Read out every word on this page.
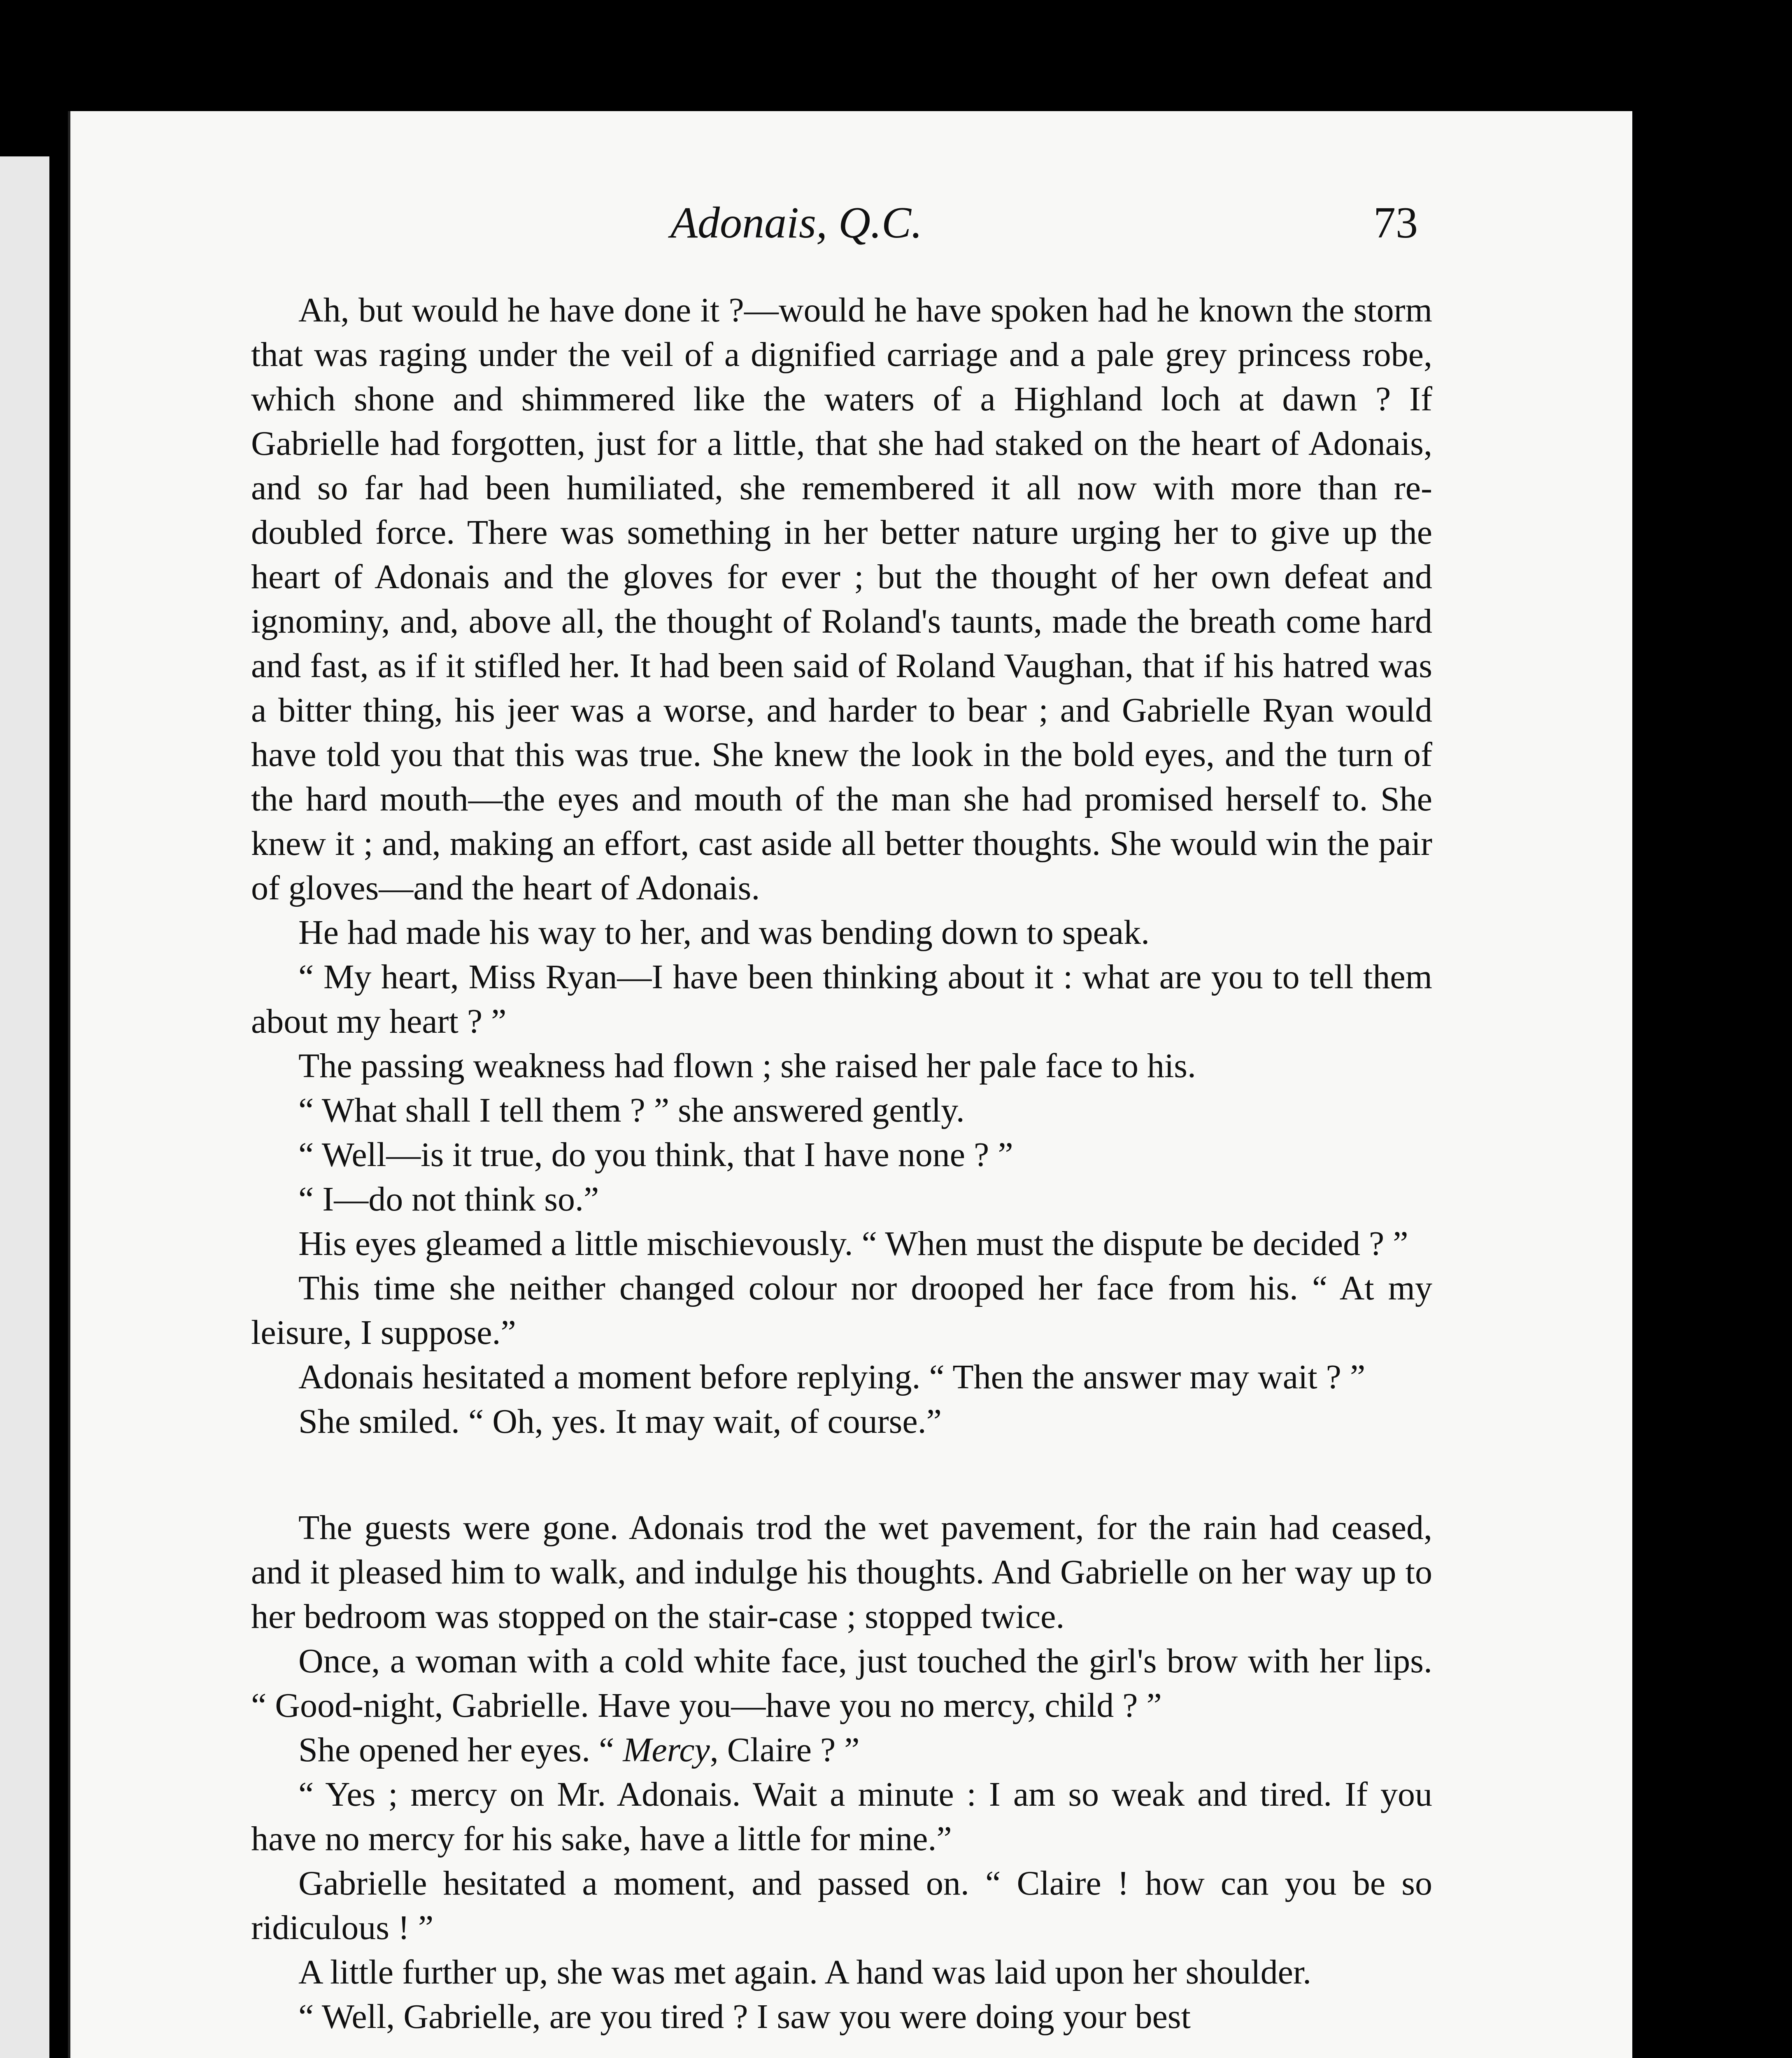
Adonais, Q.C.	73

Ah, but would he have done it ?—would he have spoken had he known the storm that was raging under the veil of a dignified carriage and a pale grey princess robe, which shone and shimmered like the waters of a Highland loch at dawn ? If Gabrielle had forgotten, just for a little, that she had staked on the heart of Adonais, and so far had been humiliated, she remembered it all now with more than re-doubled force. There was something in her better nature urging her to give up the heart of Adonais and the gloves for ever ; but the thought of her own defeat and ignominy, and, above all, the thought of Roland's taunts, made the breath come hard and fast, as if it stifled her. It had been said of Roland Vaughan, that if his hatred was a bitter thing, his jeer was a worse, and harder to bear ; and Gabrielle Ryan would have told you that this was true. She knew the look in the bold eyes, and the turn of the hard mouth—the eyes and mouth of the man she had promised herself to. She knew it ; and, making an effort, cast aside all better thoughts. She would win the pair of gloves—and the heart of Adonais.

He had made his way to her, and was bending down to speak.

“ My heart, Miss Ryan—I have been thinking about it : what are you to tell them about my heart ? ”

The passing weakness had flown ; she raised her pale face to his.

“ What shall I tell them ? ” she answered gently.

“ Well—is it true, do you think, that I have none ? ”

“ I—do not think so.”

His eyes gleamed a little mischievously. “ When must the dispute be decided ? ”

This time she neither changed colour nor drooped her face from his. “ At my leisure, I suppose.”

Adonais hesitated a moment before replying. “ Then the answer may wait ? ”

She smiled. “ Oh, yes. It may wait, of course.”

The guests were gone. Adonais trod the wet pavement, for the rain had ceased, and it pleased him to walk, and indulge his thoughts. And Gabrielle on her way up to her bedroom was stopped on the stair-case ; stopped twice.

Once, a woman with a cold white face, just touched the girl's brow with her lips. “ Good-night, Gabrielle. Have you—have you no mercy, child ? ”

She opened her eyes. “ Mercy, Claire ? ”

“ Yes ; mercy on Mr. Adonais. Wait a minute : I am so weak and tired. If you have no mercy for his sake, have a little for mine.”

Gabrielle hesitated a moment, and passed on. “ Claire ! how can you be so ridiculous ! ”

A little further up, she was met again. A hand was laid upon her shoulder.

“ Well, Gabrielle, are you tired ? I saw you were doing your best
